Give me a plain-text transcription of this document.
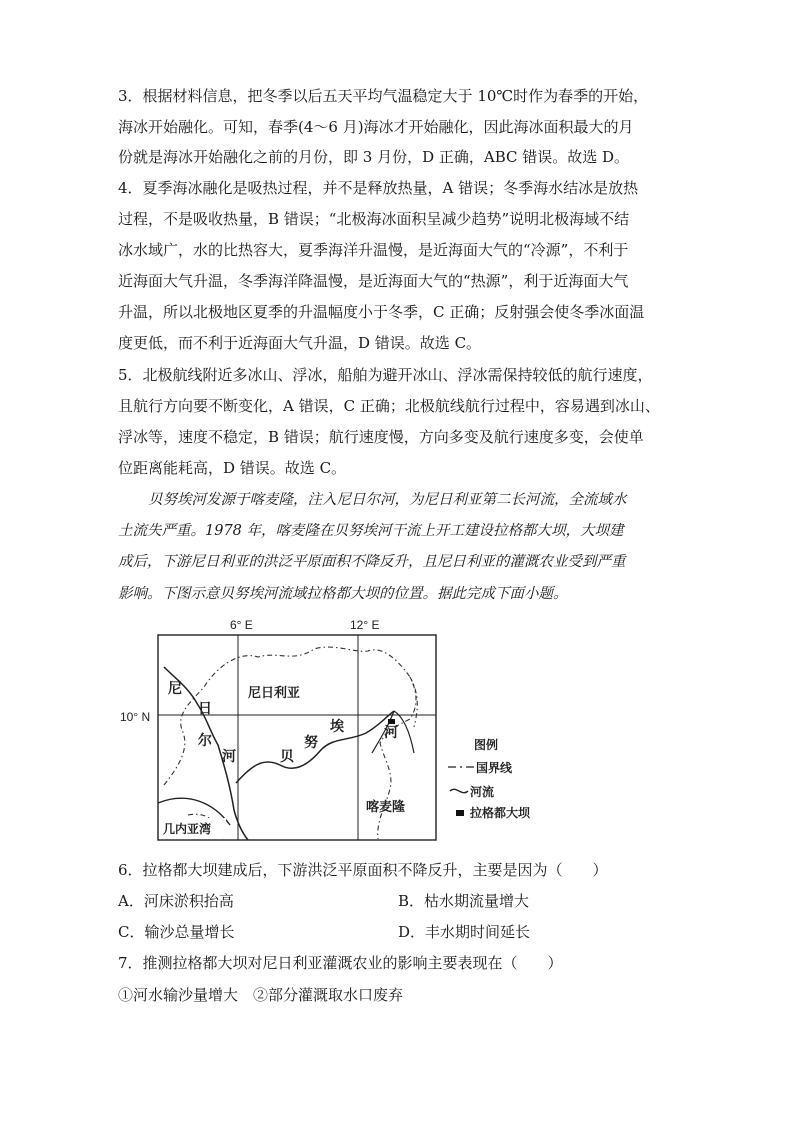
3．根据材料信息，把冬季以后五天平均气温稳定大于 10℃时作为春季的开始，
海冰开始融化。可知，春季(4～6 月)海冰才开始融化，因此海冰面积最大的月
份就是海冰开始融化之前的月份，即 3 月份，D 正确，ABC 错误。故选 D。
4．夏季海冰融化是吸热过程，并不是释放热量，A 错误；冬季海水结冰是放热
过程，不是吸收热量，B 错误；“北极海冰面积呈减少趋势”说明北极海域不结
冰水域广，水的比热容大，夏季海洋升温慢，是近海面大气的“冷源”，不利于
近海面大气升温，冬季海洋降温慢，是近海面大气的“热源”，利于近海面大气
升温，所以北极地区夏季的升温幅度小于冬季，C 正确；反射强会使冬季冰面温
度更低，而不利于近海面大气升温，D 错误。故选 C。
5．北极航线附近多冰山、浮冰，船舶为避开冰山、浮冰需保持较低的航行速度，
且航行方向要不断变化，A 错误，C 正确；北极航线航行过程中，容易遇到冰山、
浮冰等，速度不稳定，B 错误；航行速度慢，方向多变及航行速度多变，会使单
位距离能耗高，D 错误。故选 C。
贝努埃河发源于喀麦隆，注入尼日尔河，为尼日利亚第二长河流，全流域水
土流失严重。1978 年，喀麦隆在贝努埃河干流上开工建设拉格都大坝，大坝建
成后，下游尼日利亚的洪泛平原面积不降反升，且尼日利亚的灌溉农业受到严重
影响。下图示意贝努埃河流域拉格都大坝的位置。据此完成下面小题。
6° E	12° E
10° N
尼日利亚
喀麦隆
几内亚湾
尼
日
尔
河	贝
努
埃	河
图例
国界线
河流
拉格都大坝
6．拉格都大坝建成后，下游洪泛平原面积不降反升，主要是因为（　　）
A．河床淤积抬高	B．枯水期流量增大
C．输沙总量增长	D．丰水期时间延长
7．推测拉格都大坝对尼日利亚灌溉农业的影响主要表现在（　　）
①河水输沙量增大　②部分灌溉取水口废弃
